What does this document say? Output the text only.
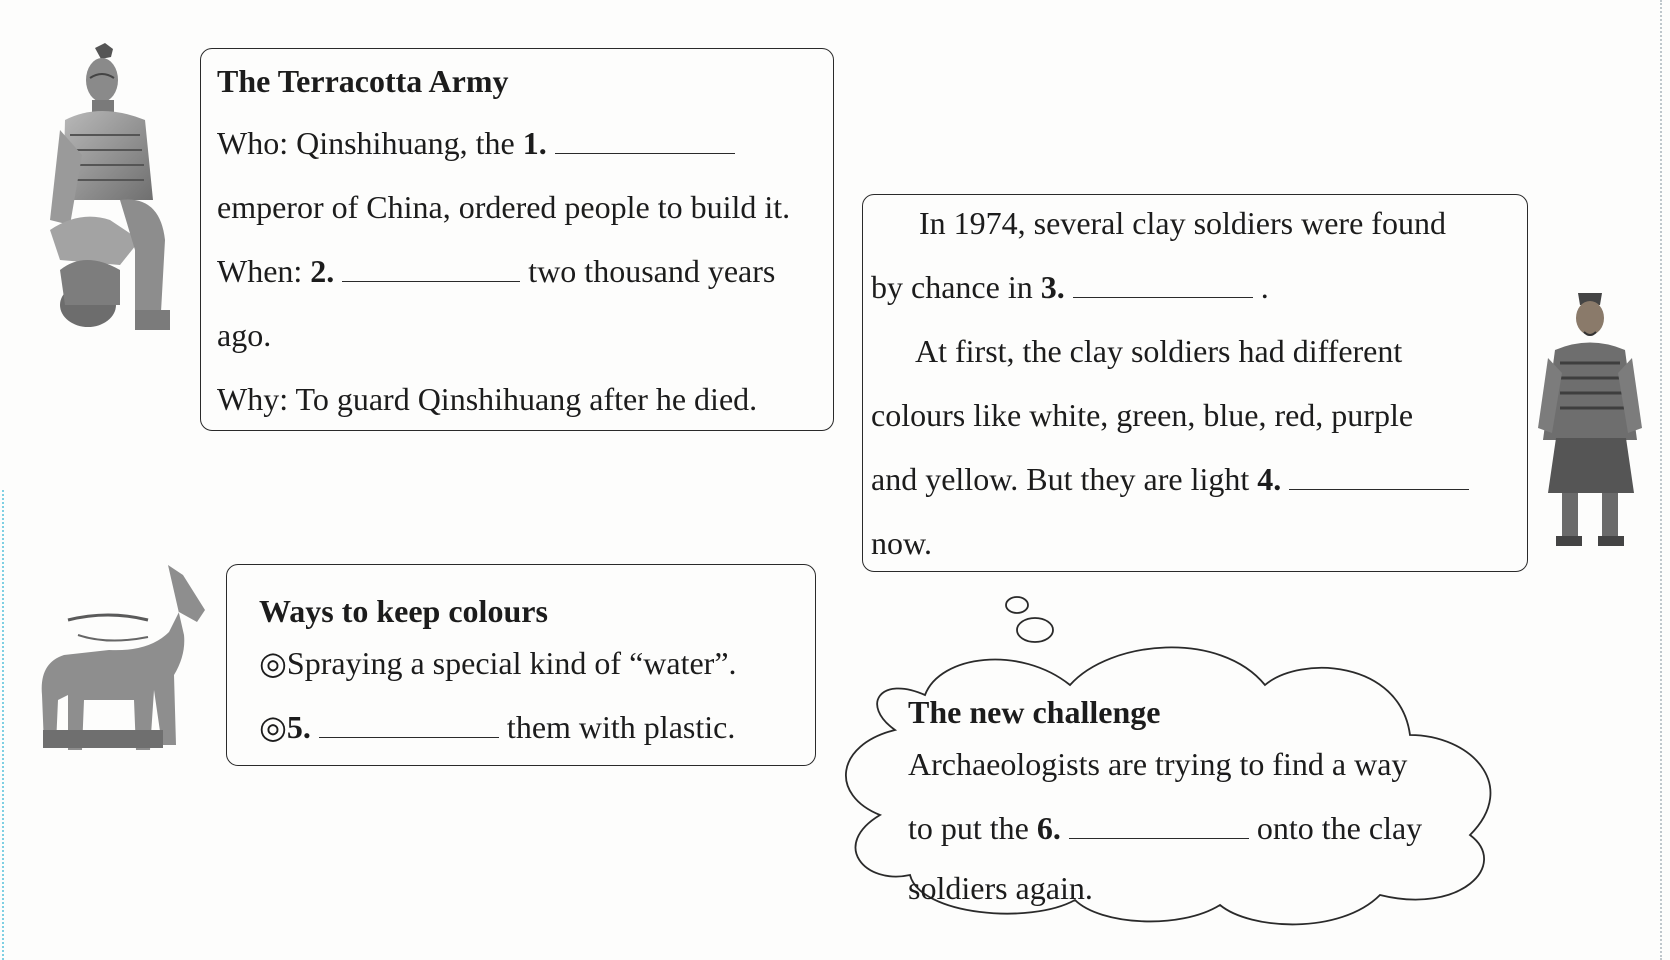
The Terracotta Army
Who: Qinshihuang, the 1.
emperor of China, ordered people to build it.
When: 2.	two thousand years
ago.
Why: To guard Qinshihuang after he died.
In 1974, several clay soldiers were found
by chance in 3.	.
At first, the clay soldiers had different
colours like white, green, blue, red, purple
and yellow. But they are light 4.
now.
Ways to keep colours
◎Spraying a special kind of “water”.
◎5.	them with plastic.	The new challenge
Archaeologists are trying to find a way
to put the 6.	onto the clay
soldiers again.
